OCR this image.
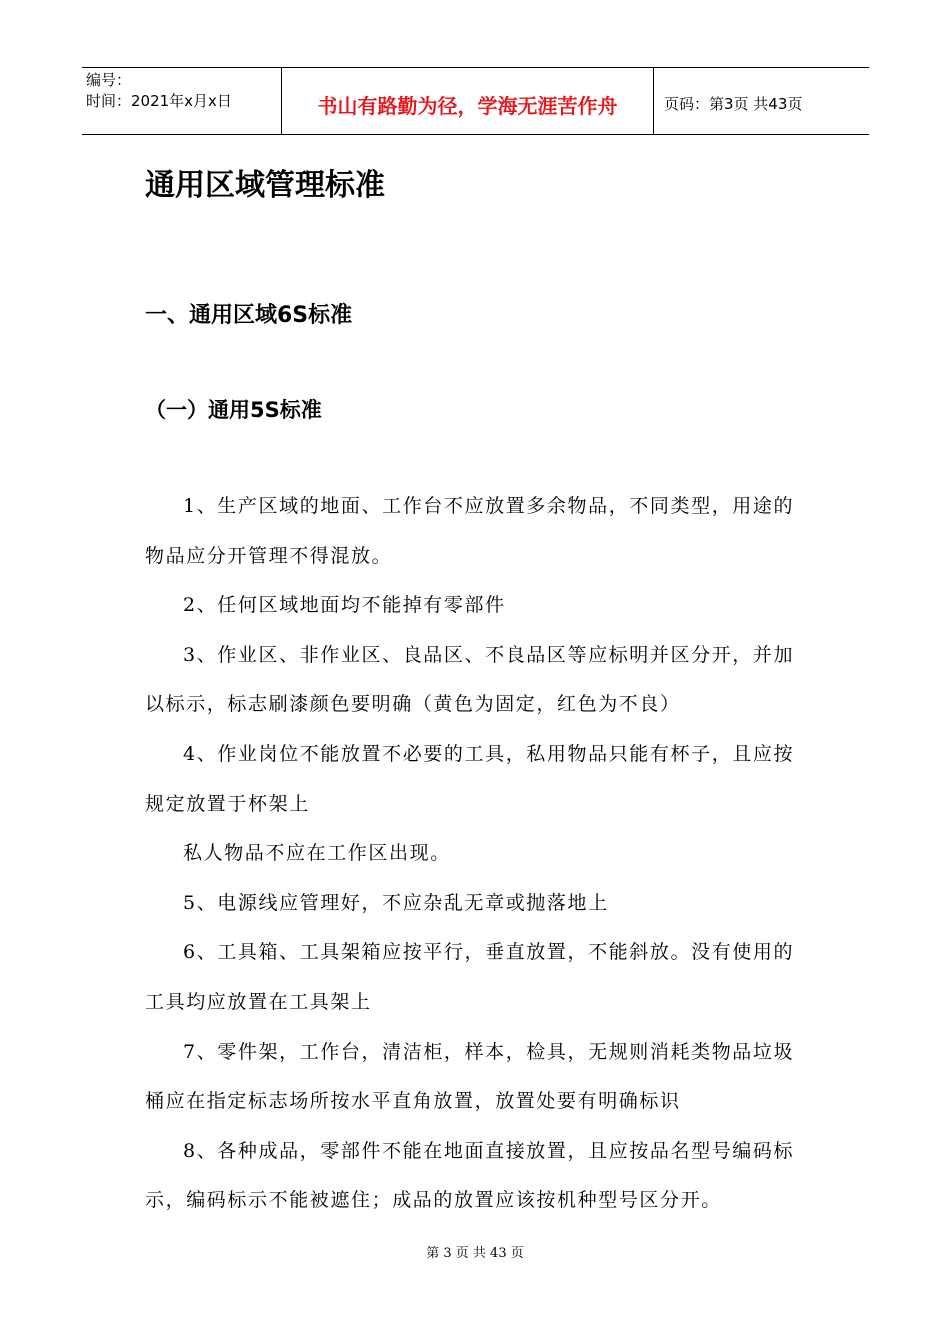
编号：
时间：2021年x月x日	书山有路勤为径，学海无涯苦作舟	页码：第3页 共43页
通用区域管理标准
一、通用区域6S标准
（一）通用5S标准

1、生产区域的地面、工作台不应放置多余物品，不同类型，用途的物品应分开管理不得混放。

2、任何区域地面均不能掉有零部件

3、作业区、非作业区、良品区、不良品区等应标明并区分开，并加以标示，标志刷漆颜色要明确（黄色为固定，红色为不良）

4、作业岗位不能放置不必要的工具，私用物品只能有杯子，且应按规定放置于杯架上

私人物品不应在工作区出现。

5、电源线应管理好，不应杂乱无章或抛落地上

6、工具箱、工具架箱应按平行，垂直放置，不能斜放。没有使用的工具均应放置在工具架上

7、零件架，工作台，清洁柜，样本，检具，无规则消耗类物品垃圾桶应在指定标志场所按水平直角放置，放置处要有明确标识

8、各种成品，零部件不能在地面直接放置，且应按品名型号编码标示，编码标示不能被遮住；成品的放置应该按机种型号区分开。

第 3 页 共 43 页
